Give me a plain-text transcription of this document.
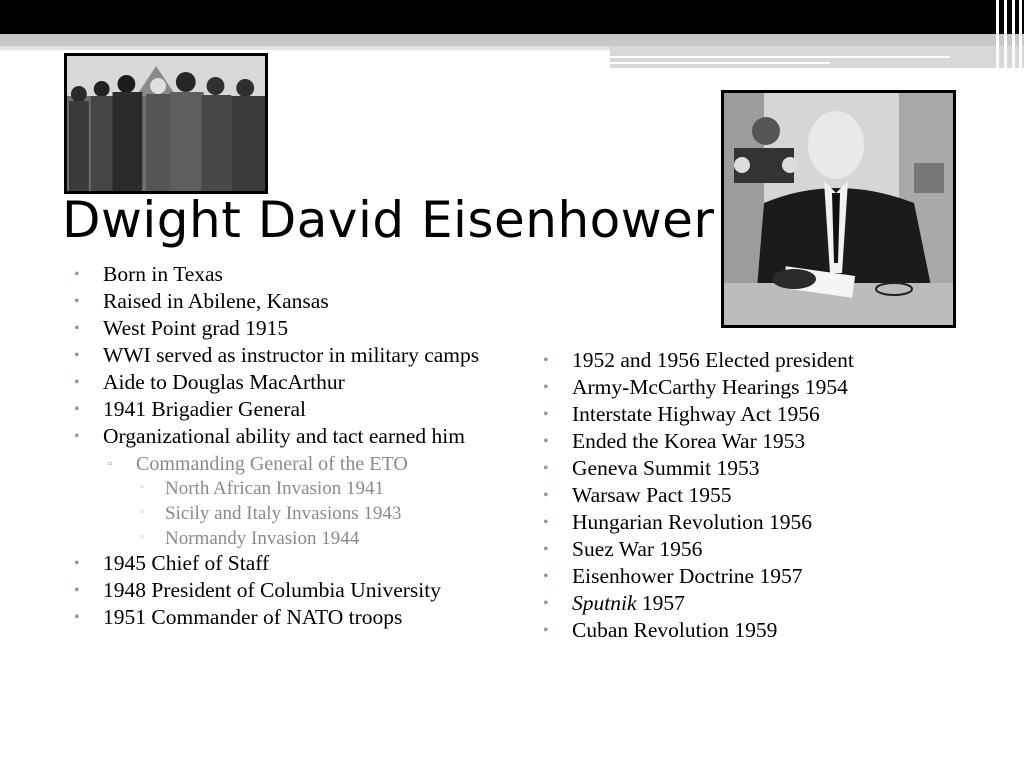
Dwight David Eisenhower
• Born in Texas
• Raised in Abilene, Kansas
• West Point grad 1915
• WWI served as instructor in military camps
• Aide to Douglas MacArthur
• 1941 Brigadier General
• Organizational ability and tact earned him
▫ Commanding General of the ETO
◦ North African Invasion 1941
◦ Sicily and Italy Invasions 1943
◦ Normandy Invasion 1944
• 1945 Chief of Staff
• 1948 President of Columbia University
• 1951 Commander of NATO troops
• 1952 and 1956 Elected president
• Army-McCarthy Hearings 1954
• Interstate Highway Act 1956
• Ended the Korea War 1953
• Geneva Summit 1953
• Warsaw Pact 1955
• Hungarian Revolution 1956
• Suez War 1956
• Eisenhower Doctrine 1957
• Sputnik 1957
• Cuban Revolution 1959
